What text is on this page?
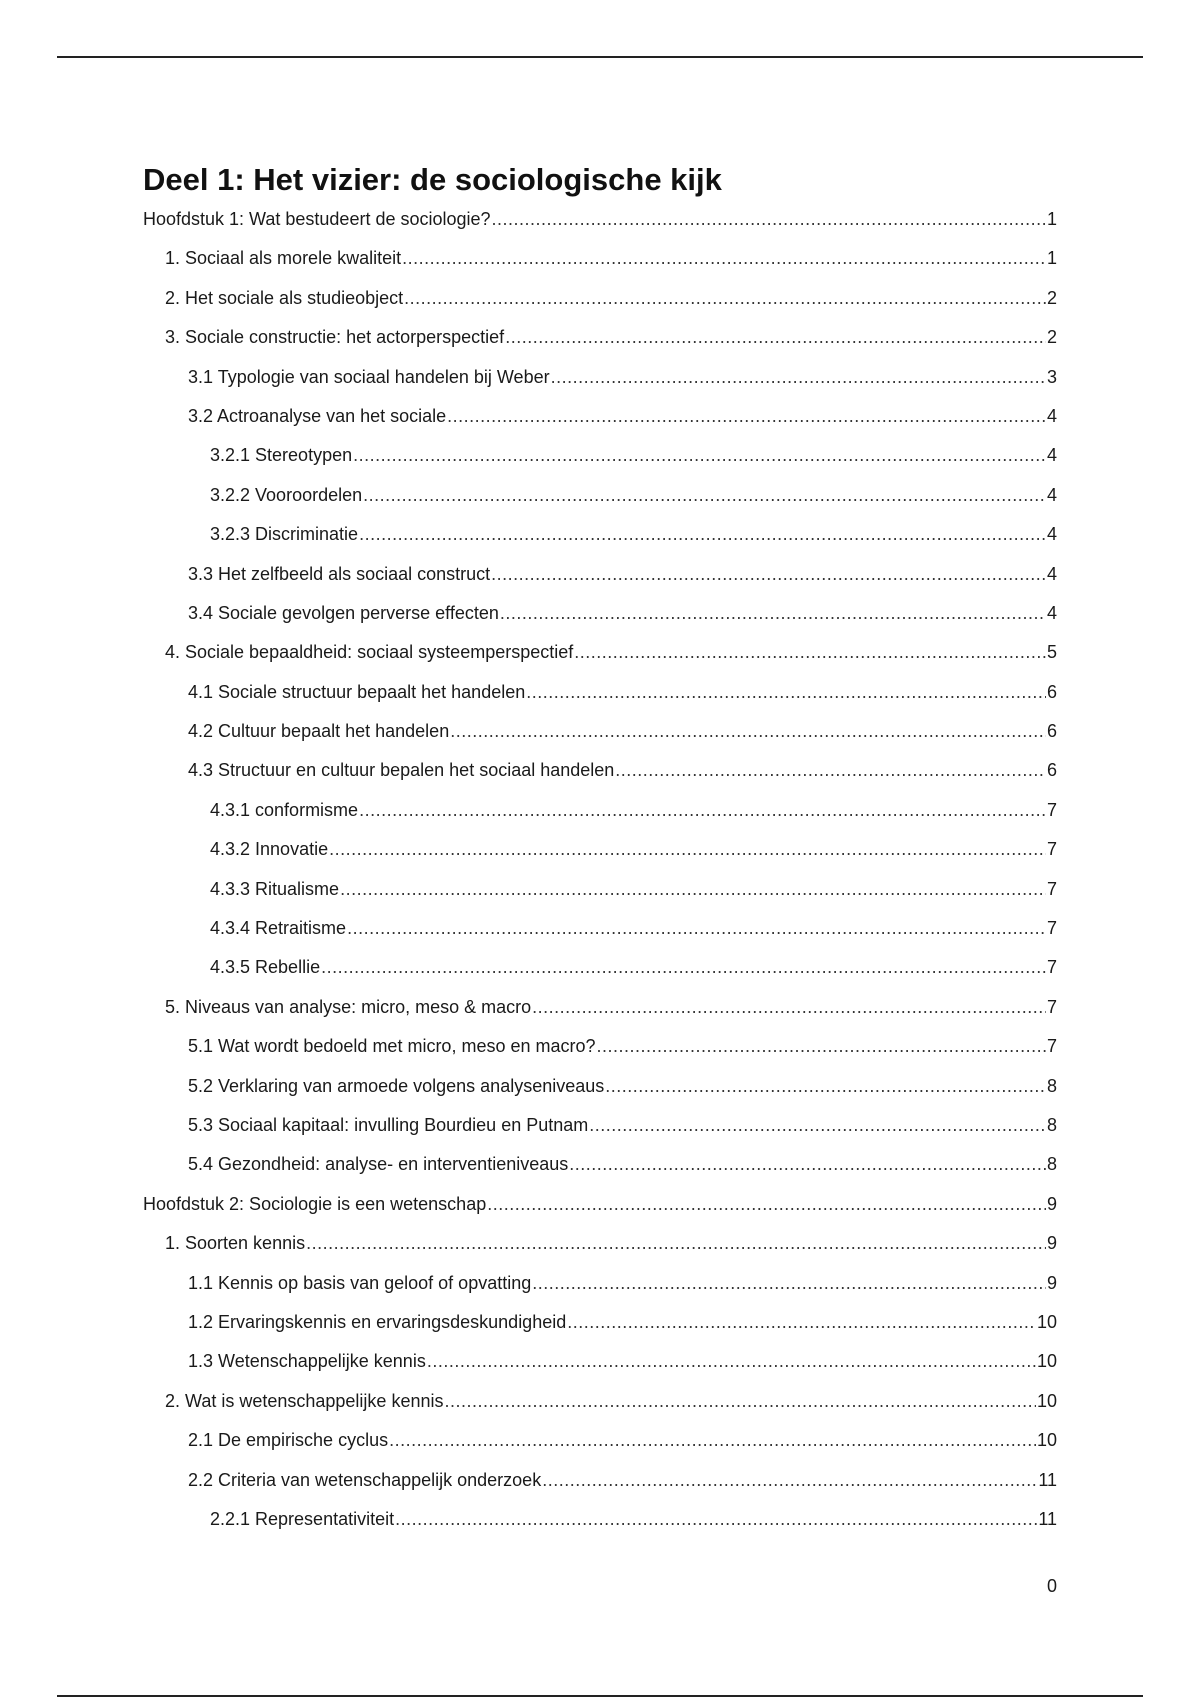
Deel 1: Het vizier: de sociologische kijk
Hoofdstuk 1: Wat bestudeert de sociologie? .....	1
1. Sociaal als morele kwaliteit .....	1
2. Het sociale als studieobject .....	2
3. Sociale constructie: het actorperspectief .....	2
3.1 Typologie van sociaal handelen bij Weber .....	3
3.2 Actroanalyse van het sociale .....	4
3.2.1 Stereotypen .....	4
3.2.2 Vooroordelen .....	4
3.2.3 Discriminatie .....	4
3.3 Het zelfbeeld als sociaal construct .....	4
3.4 Sociale gevolgen perverse effecten .....	4
4. Sociale bepaaldheid: sociaal systeemperspectief .....	5
4.1 Sociale structuur bepaalt het handelen .....	6
4.2 Cultuur bepaalt het handelen .....	6
4.3 Structuur en cultuur bepalen het sociaal handelen .....	6
4.3.1 conformisme .....	7
4.3.2 Innovatie .....	7
4.3.3 Ritualisme .....	7
4.3.4 Retraitisme .....	7
4.3.5 Rebellie .....	7
5. Niveaus van analyse: micro, meso & macro .....	7
5.1 Wat wordt bedoeld met micro, meso en macro? .....	7
5.2 Verklaring van armoede volgens analyseniveaus .....	8
5.3 Sociaal kapitaal: invulling Bourdieu en Putnam .....	8
5.4 Gezondheid: analyse- en interventieniveaus .....	8
Hoofdstuk 2: Sociologie is een wetenschap .....	9
1. Soorten kennis .....	9
1.1 Kennis op basis van geloof of opvatting .....	9
1.2 Ervaringskennis en ervaringsdeskundigheid .....	10
1.3 Wetenschappelijke kennis .....	10
2. Wat is wetenschappelijke kennis .....	10
2.1 De empirische cyclus .....	10
2.2 Criteria van wetenschappelijk onderzoek .....	11
2.2.1 Representativiteit .....	11
0
